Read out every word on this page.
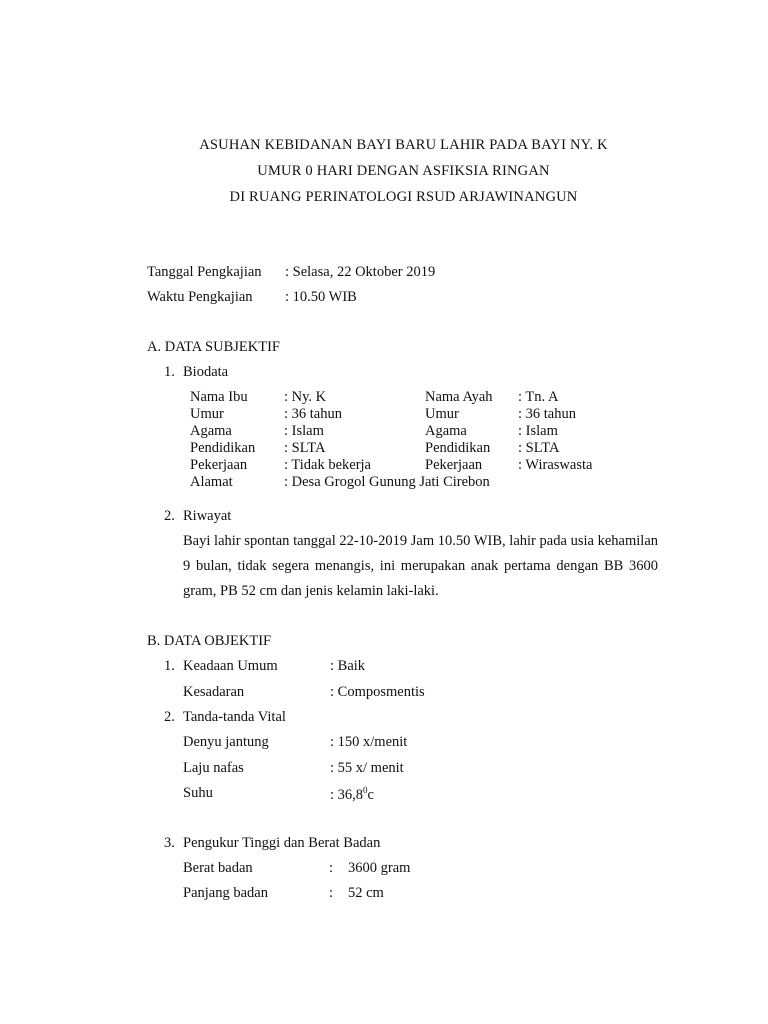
ASUHAN KEBIDANAN BAYI BARU LAHIR PADA BAYI NY. K
UMUR 0 HARI DENGAN ASFIKSIA RINGAN
DI RUANG PERINATOLOGI RSUD ARJAWINANGUN
Tanggal Pengkajian : Selasa, 22 Oktober 2019
Waktu Pengkajian : 10.50 WIB
A. DATA SUBJEKTIF
1. Biodata
Nama Ibu	: Ny. K	Nama Ayah	: Tn. A
Umur	: 36 tahun	Umur	: 36 tahun
Agama	: Islam	Agama	: Islam
Pendidikan	: SLTA	Pendidikan	: SLTA
Pekerjaan	: Tidak bekerja	Pekerjaan	: Wiraswasta
Alamat	: Desa Grogol Gunung Jati Cirebon		
2. Riwayat
Bayi lahir spontan tanggal 22-10-2019 Jam 10.50 WIB, lahir pada usia kehamilan 9 bulan, tidak segera menangis, ini merupakan anak pertama dengan BB 3600 gram, PB 52 cm dan jenis kelamin laki-laki.
B. DATA OBJEKTIF
1. Keadaan Umum	: Baik
Kesadaran	: Composmentis
2. Tanda-tanda Vital
Denyu jantung	: 150 x/menit
Laju nafas	: 55 x/ menit
Suhu	: 36,8$^0$c
3. Pengukur Tinggi dan Berat Badan
Berat badan	: 3600 gram
Panjang badan	: 52 cm
